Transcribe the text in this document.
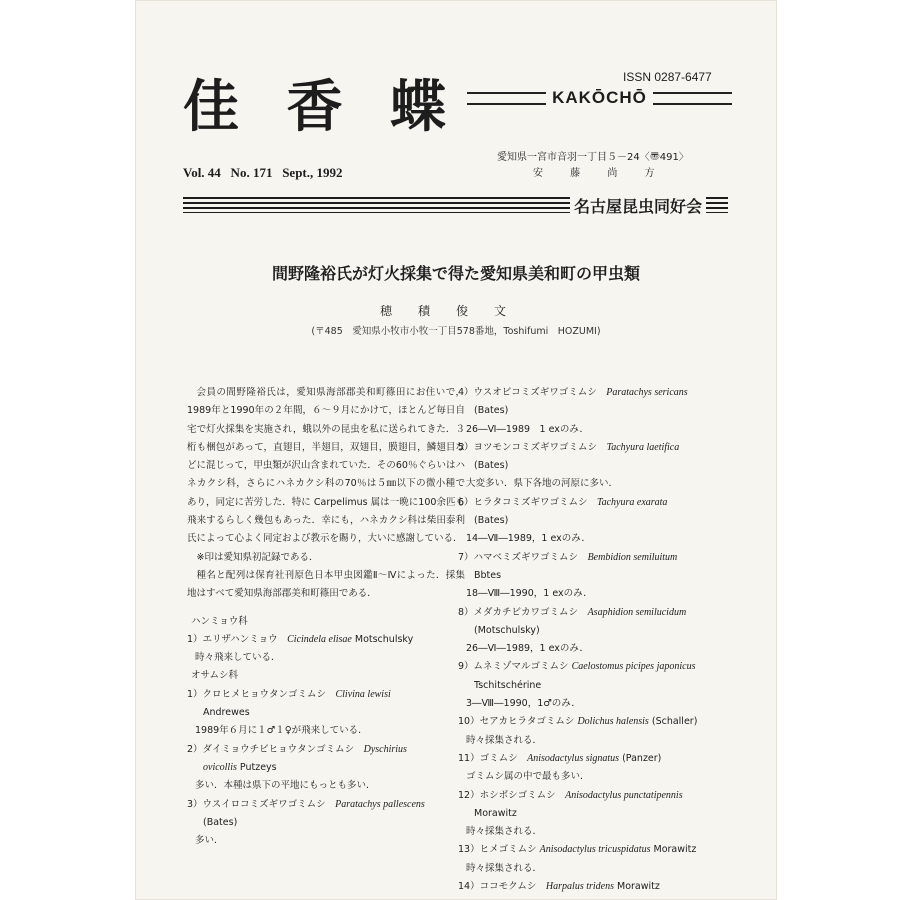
佳 香 蝶	ISSN 0287-6477
KAKŌCHŌ
Vol. 44   No. 171   Sept., 1992
愛知県一宮市音羽一丁目５－24〈〠491〉
安 藤 尚 方
名古屋昆虫同好会
間野隆裕氏が灯火採集で得た愛知県美和町の甲虫類
穂積俊文
(〒485　愛知県小牧市小牧一丁目578番地，Toshifumi　HOZUMI)

会員の間野隆裕氏は，愛知県海部郡美和町篠田にお住いで，1989年と1990年の２年間，６～９月にかけて，ほとんど毎日自宅で灯火採集を実施され，蛾以外の昆虫を私に送られてきた．３桁も梱包があって，直翅目，半翅目，双翅目，膜翅目，鱗翅目などに混じって，甲虫類が沢山含まれていた．その60％ぐらいはハネカクシ科，さらにハネカクシ科の70％は５㎜以下の微小種であり，同定に苦労した．特に Carpelimus 属は一晩に100余匹も飛来するらしく幾包もあった．幸にも，ハネカクシ科は柴田泰利氏によって心よく同定および教示を賜り，大いに感謝している．

※印は愛知県初記録である．

種名と配列は保育社刊原色日本甲虫図鑑Ⅱ～Ⅳによった．採集地はすべて愛知県海部郡美和町篠田である．

ハンミョウ科

1）エリザハンミョウ　 Cicindela elisae Motschulsky

時々飛来している．

オサムシ科

1）クロヒメヒョウタンゴミムシ　 Clivina lewisi

Andrewes

1989年６月に１♂１♀が飛来している．

2）ダイミョウチビヒョウタンゴミムシ　 Dyschirius

ovicollis Putzeys

多い．本種は県下の平地にもっとも多い．

3）ウスイロコミズギワゴミムシ　 Paratachys pallescens

(Bates)

多い．

4）ウスオビコミズギワゴミムシ　 Paratachys sericans

(Bates)

26―Ⅵ―1989　1 exのみ．

5）ヨツモンコミズギワゴミムシ　 Tachyura laetifica

(Bates)

大変多い．県下各地の河原に多い．

6）ヒラタコミズギワゴミムシ　 Tachyura exarata

(Bates)

14―Ⅶ―1989，1 exのみ．

7）ハマベミズギワゴミムシ　 Bembidion semiluitum

Bbtes

18―Ⅷ―1990，1 exのみ．

8）メダカチビカワゴミムシ　 Asaphidion semilucidum

(Motschulsky)

26―Ⅵ―1989，1 exのみ．

9）ムネミゾマルゴミムシ Caelostomus picipes japonicus

Tschitschérine

3―Ⅷ―1990，1♂のみ．

10）セアカヒラタゴミムシ Dolichus halensis (Schaller)

時々採集される．

11）ゴミムシ　 Anisodactylus signatus (Panzer)

ゴミムシ属の中で最も多い．

12）ホシボシゴミムシ　 Anisodactylus punctatipennis

Morawitz

時々採集される．

13）ヒメゴミムシ Anisodactylus tricuspidatus Morawitz

時々採集される．

14）ココモクムシ　 Harpalus tridens Morawitz
